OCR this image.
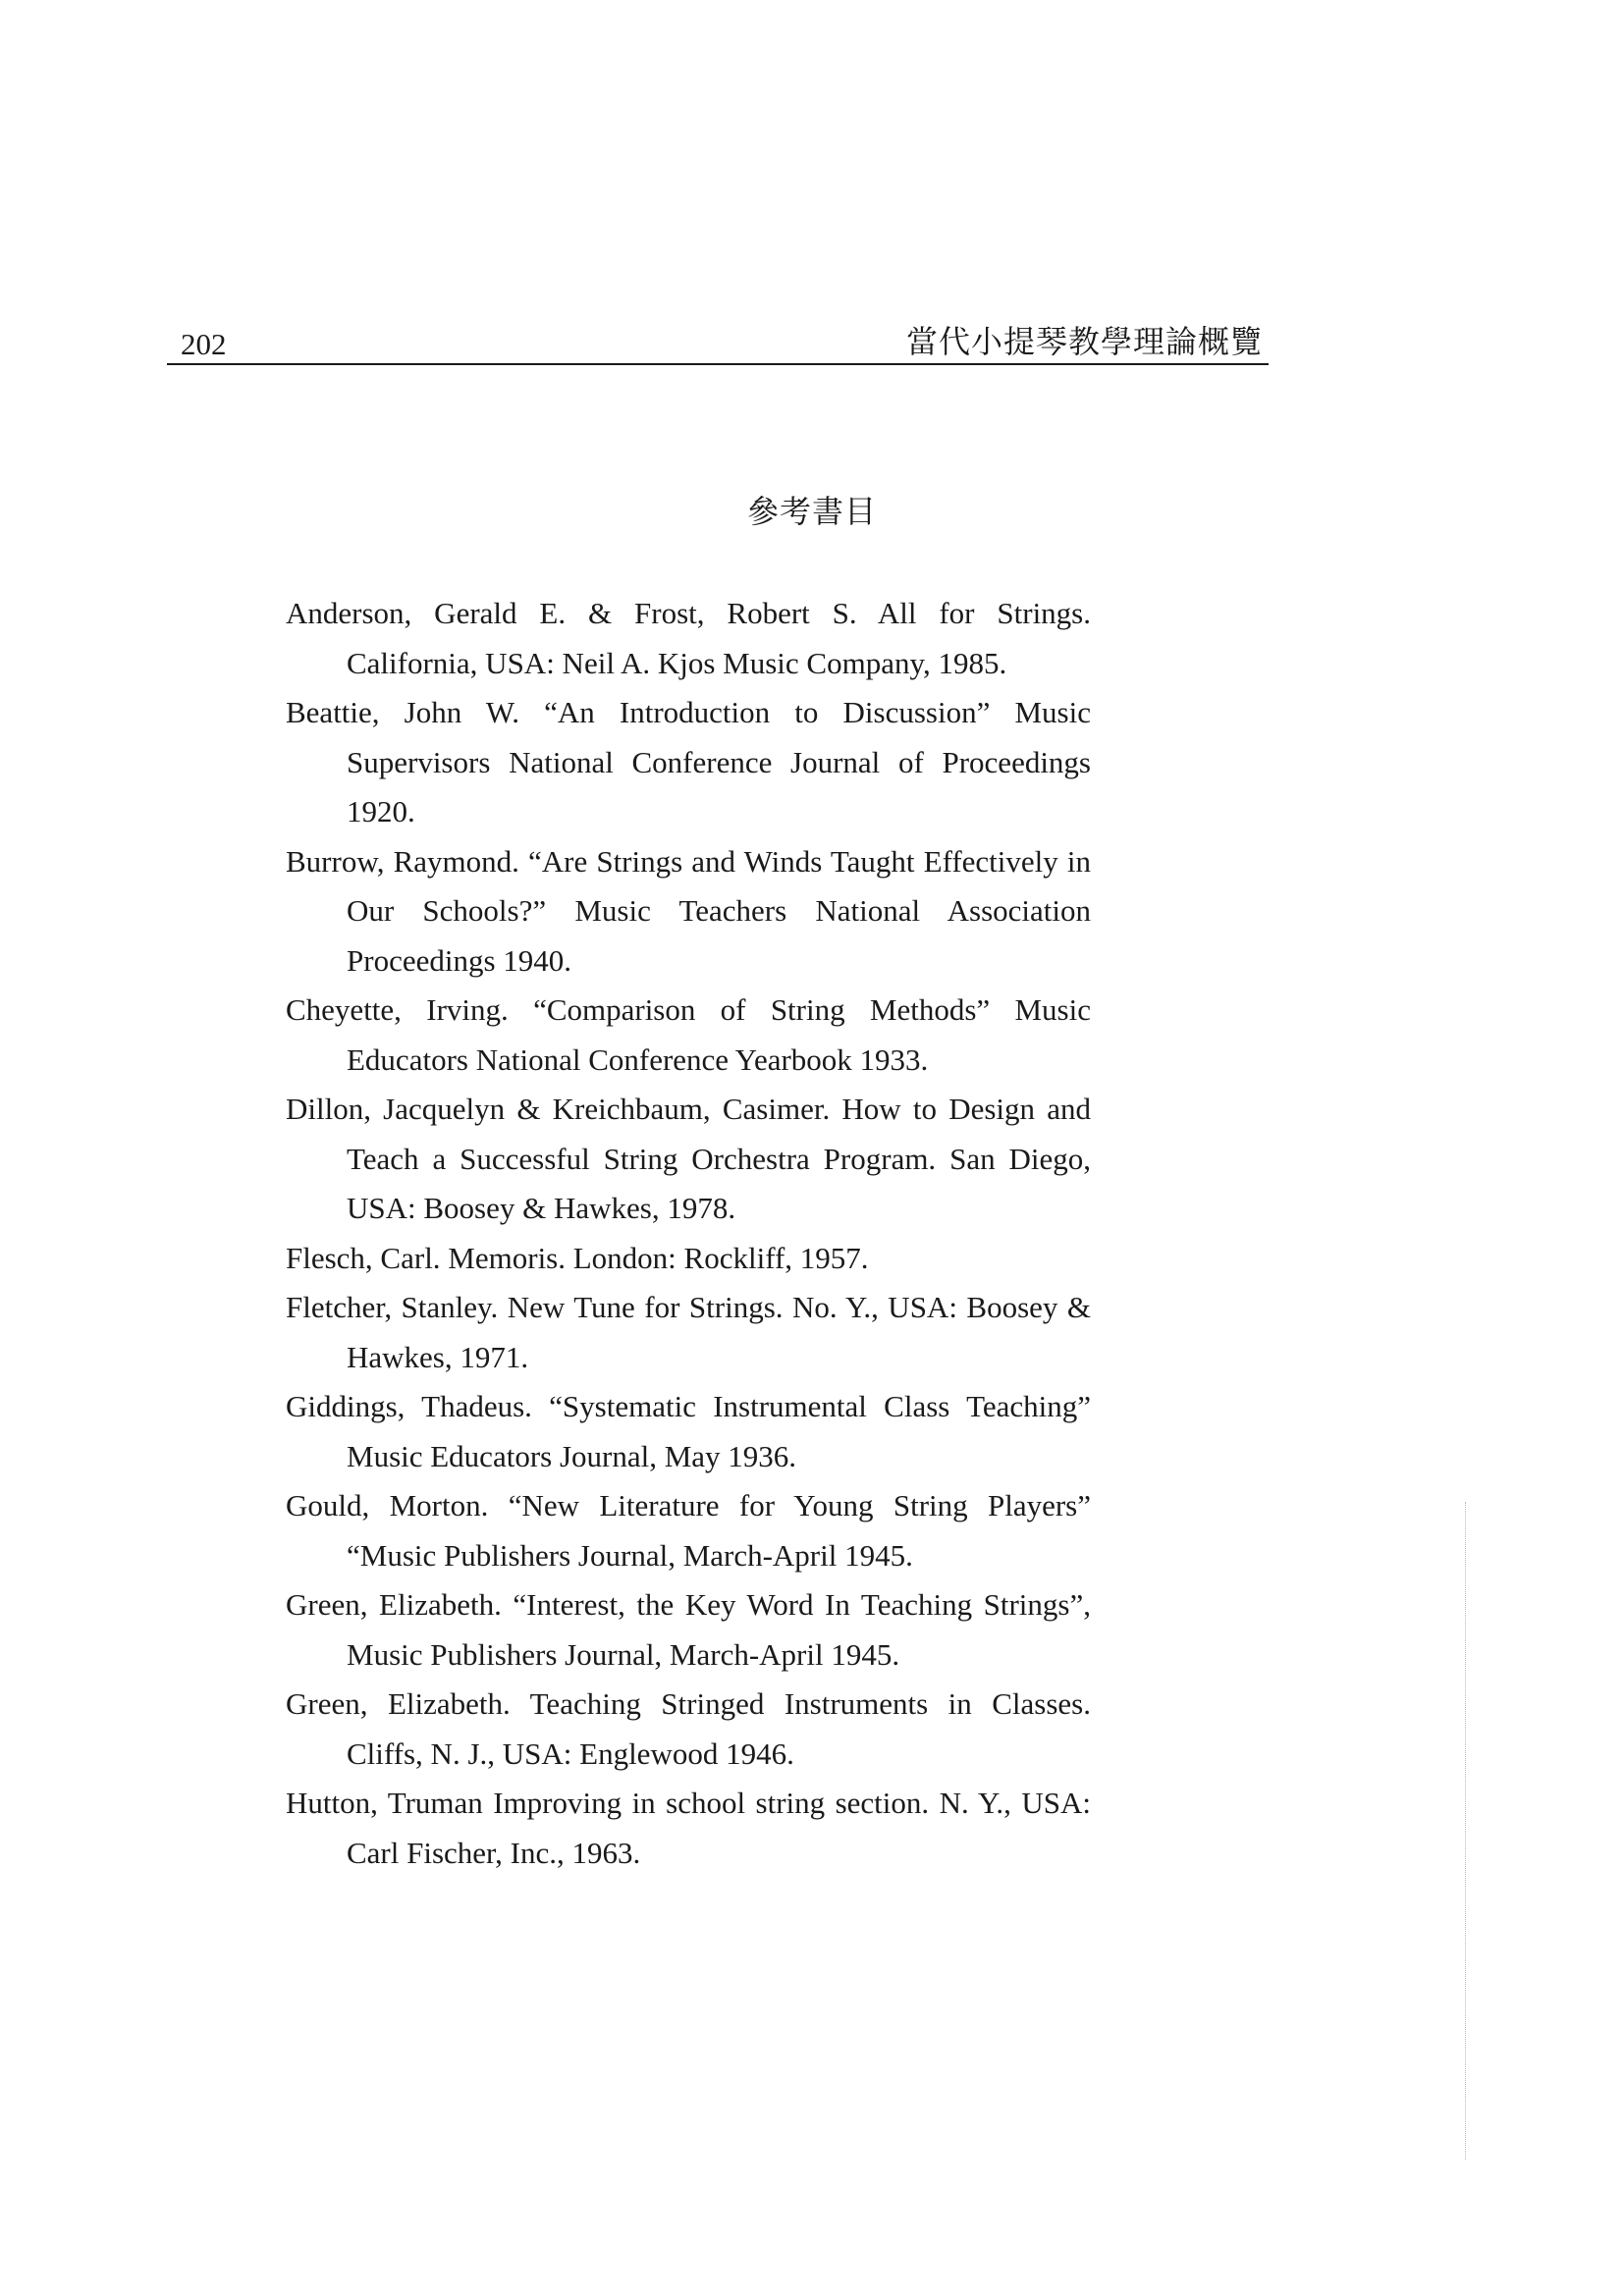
202	當代小提琴教學理論概覽
參考書目
Anderson, Gerald E. & Frost, Robert S. All for Strings. California, USA: Neil A. Kjos Music Company, 1985.
Beattie, John W. “An Introduction to Discussion” Music Supervisors National Conference Journal of Proceedings 1920.
Burrow, Raymond. “Are Strings and Winds Taught Effectively in Our Schools?” Music Teachers National Association Proceedings 1940.
Cheyette, Irving. “Comparison of String Methods” Music Educators National Conference Yearbook 1933.
Dillon, Jacquelyn & Kreichbaum, Casimer. How to Design and Teach a Successful String Orchestra Program. San Diego, USA: Boosey & Hawkes, 1978.
Flesch, Carl. Memoris. London: Rockliff, 1957.
Fletcher, Stanley. New Tune for Strings. No. Y., USA: Boosey & Hawkes, 1971.
Giddings, Thadeus. “Systematic Instrumental Class Teaching” Music Educators Journal, May 1936.
Gould, Morton. “New Literature for Young String Players” “Music Publishers Journal, March-April 1945.
Green, Elizabeth. “Interest, the Key Word In Teaching Strings”, Music Publishers Journal, March-April 1945.
Green, Elizabeth. Teaching Stringed Instruments in Classes. Cliffs, N. J., USA: Englewood 1946.
Hutton, Truman Improving in school string section. N. Y., USA: Carl Fischer, Inc., 1963.
